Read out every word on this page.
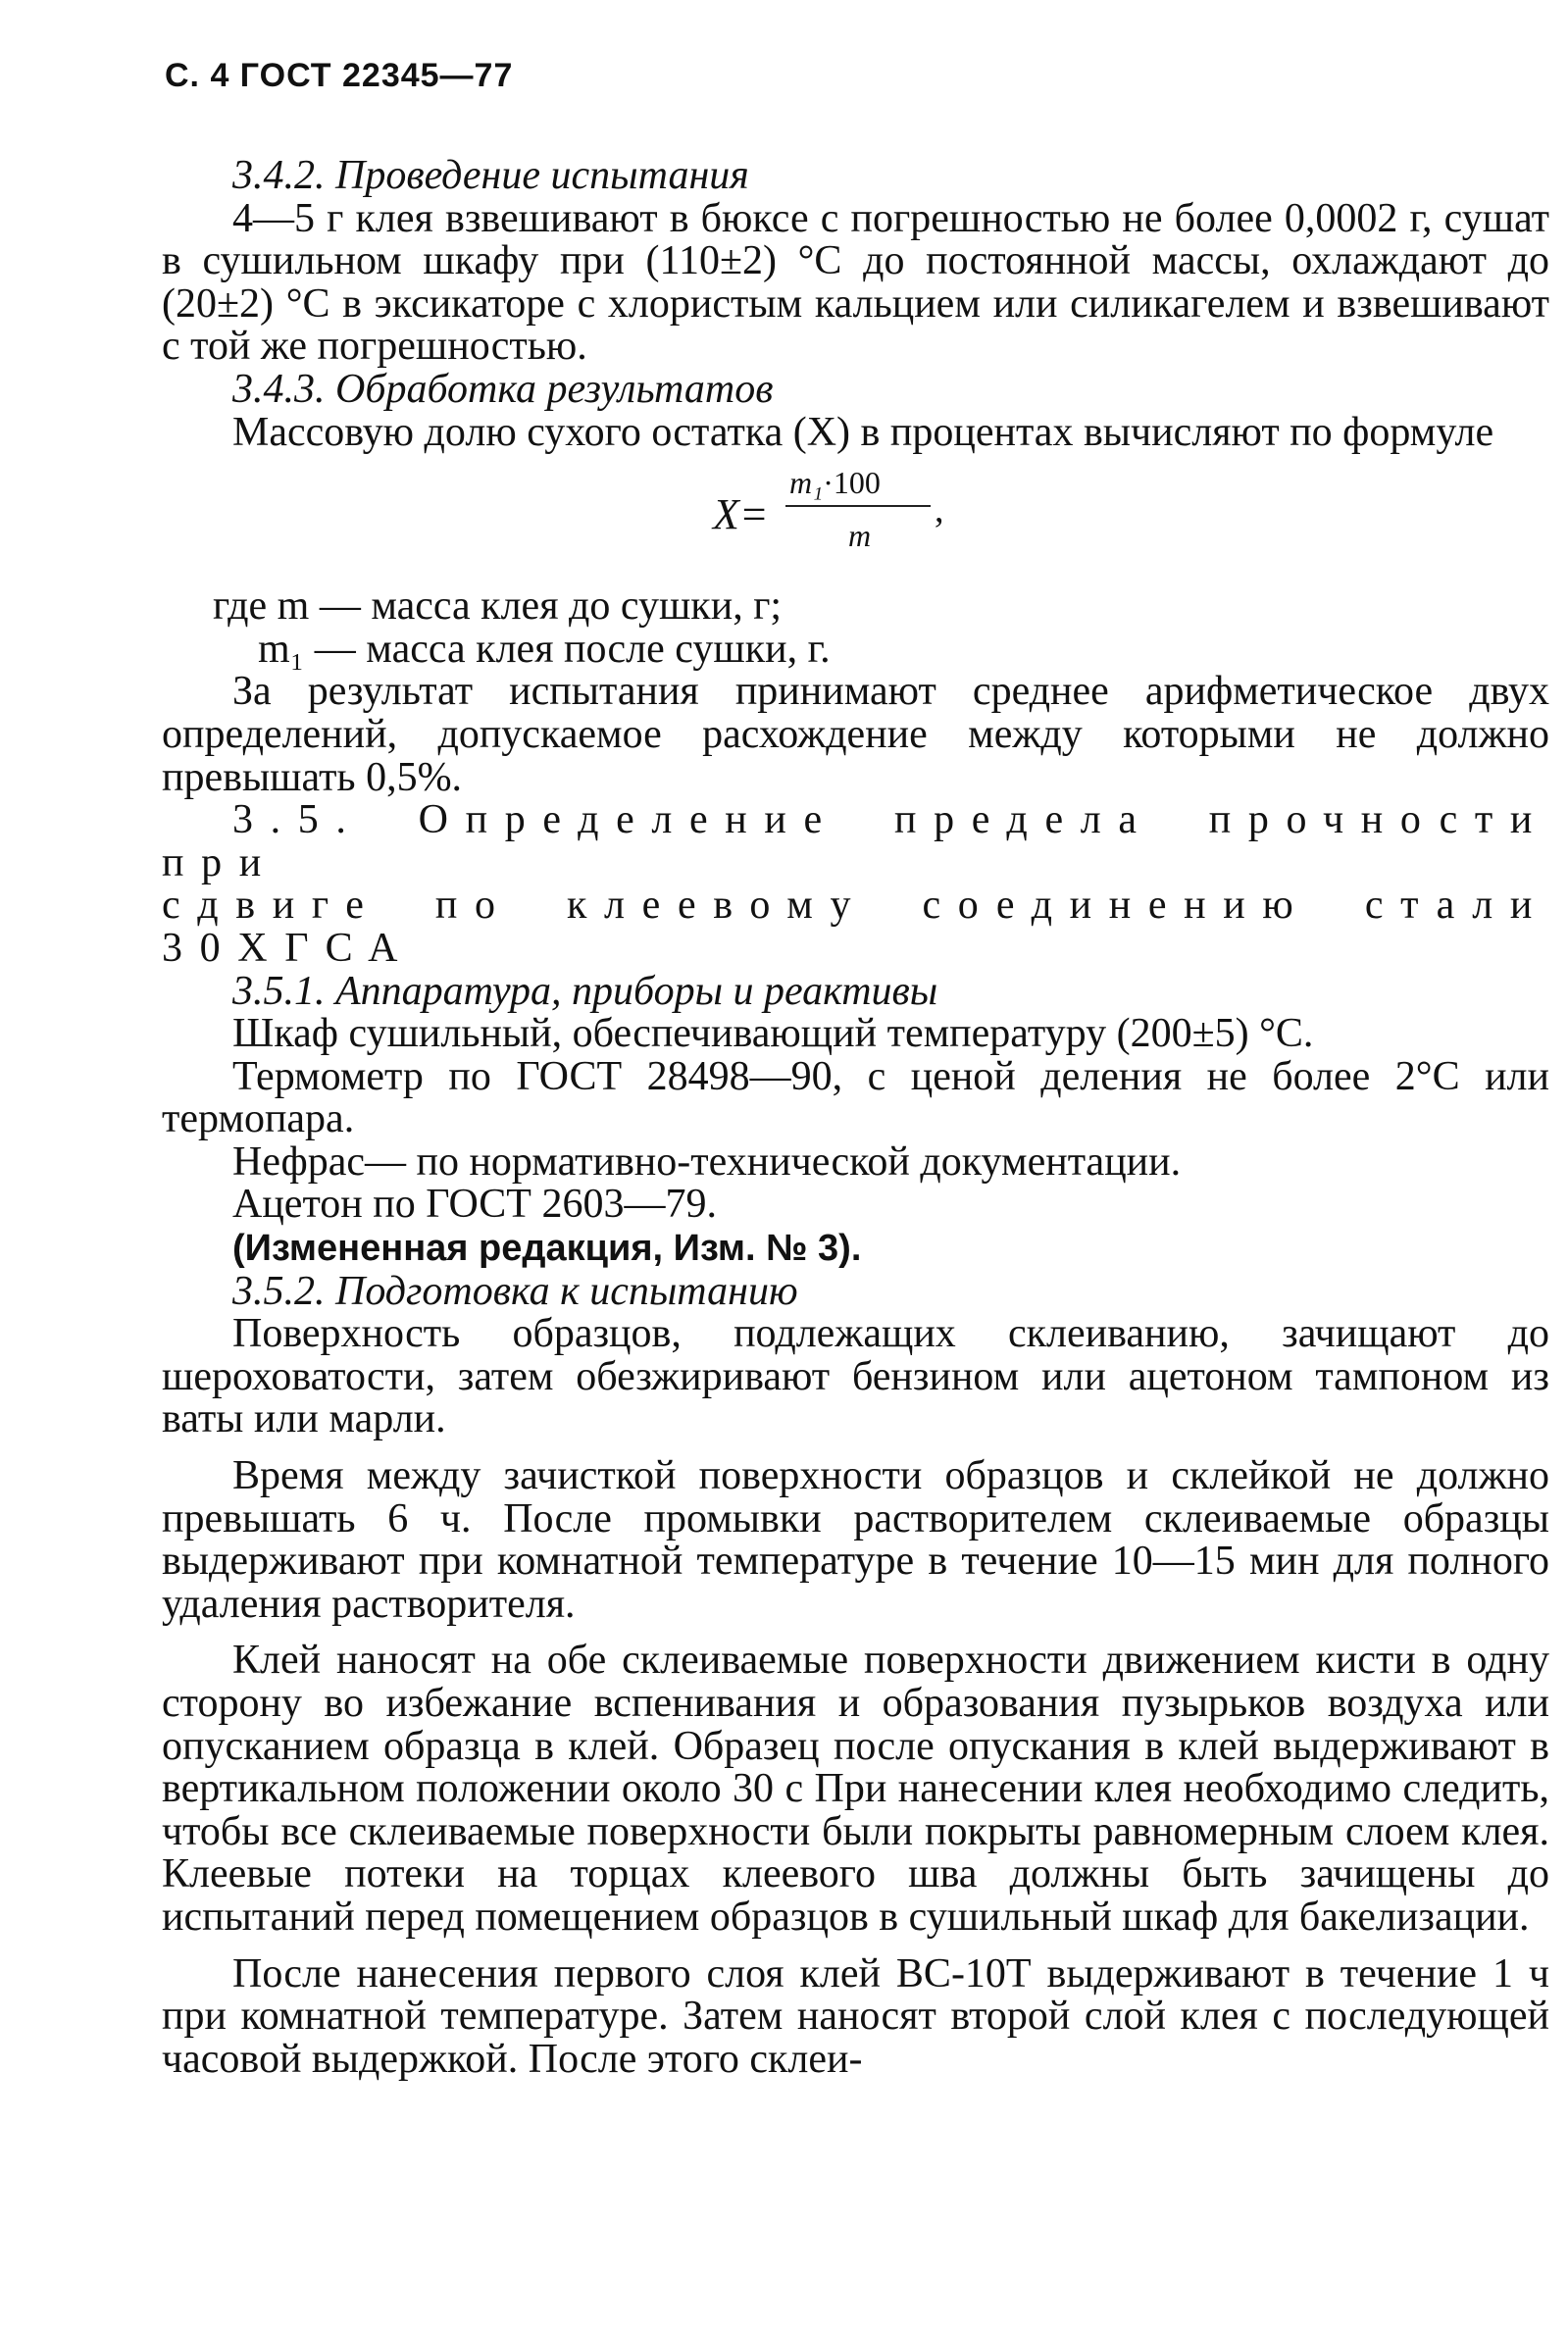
С. 4 ГОСТ 22345—77

3.4.2. Проведение испытания

4—5 г клея взвешивают в бюксе с погрешностью не более 0,0002 г, сушат в сушильном шкафу при (110±2) °С до постоянной массы, охлаждают до (20±2) °С в эксикаторе с хлористым кальцием или силикагелем и взвешивают с той же погрешностью.

3.4.3. Обработка результатов

Массовую долю сухого остатка (Х) в процентах вычисляют по формуле

X=
m₁·100
m
,

где m — масса клея до сушки, г;

m₁ — масса клея после сушки, г.

За результат испытания принимают среднее арифметическое двух определений, допускаемое расхождение между которыми не должно превышать 0,5%.

3.5. Определение предела прочности при

сдвиге по клеевому соединению стали 30ХГСА

3.5.1. Аппаратура, приборы и реактивы

Шкаф сушильный, обеспечивающий температуру (200±5) °С.

Термометр по ГОСТ 28498—90, с ценой деления не более 2°С или термопара.

Нефрас— по нормативно-технической документации.

Ацетон по ГОСТ 2603—79.

(Измененная редакция, Изм. № 3).

3.5.2. Подготовка к испытанию

Поверхность образцов, подлежащих склеиванию, зачищают до шероховатости, затем обезжиривают бензином или ацетоном тампоном из ваты или марли.

Время между зачисткой поверхности образцов и склейкой не должно превышать 6 ч. После промывки растворителем склеиваемые образцы выдерживают при комнатной температуре в течение 10—15 мин для полного удаления растворителя.

Клей наносят на обе склеиваемые поверхности движением кисти в одну сторону во избежание вспенивания и образования пузырьков воздуха или опусканием образца в клей. Образец после опускания в клей выдерживают в вертикальном положении около 30 с При нанесении клея необходимо следить, чтобы все склеиваемые поверхности были покрыты равномерным слоем клея. Клеевые потеки на торцах клеевого шва должны быть зачищены до испытаний перед помещением образцов в сушильный шкаф для бакелизации.

После нанесения первого слоя клей ВС-10Т выдерживают в течение 1 ч при комнатной температуре. Затем наносят второй слой клея с последующей часовой выдержкой. После этого склеи-
